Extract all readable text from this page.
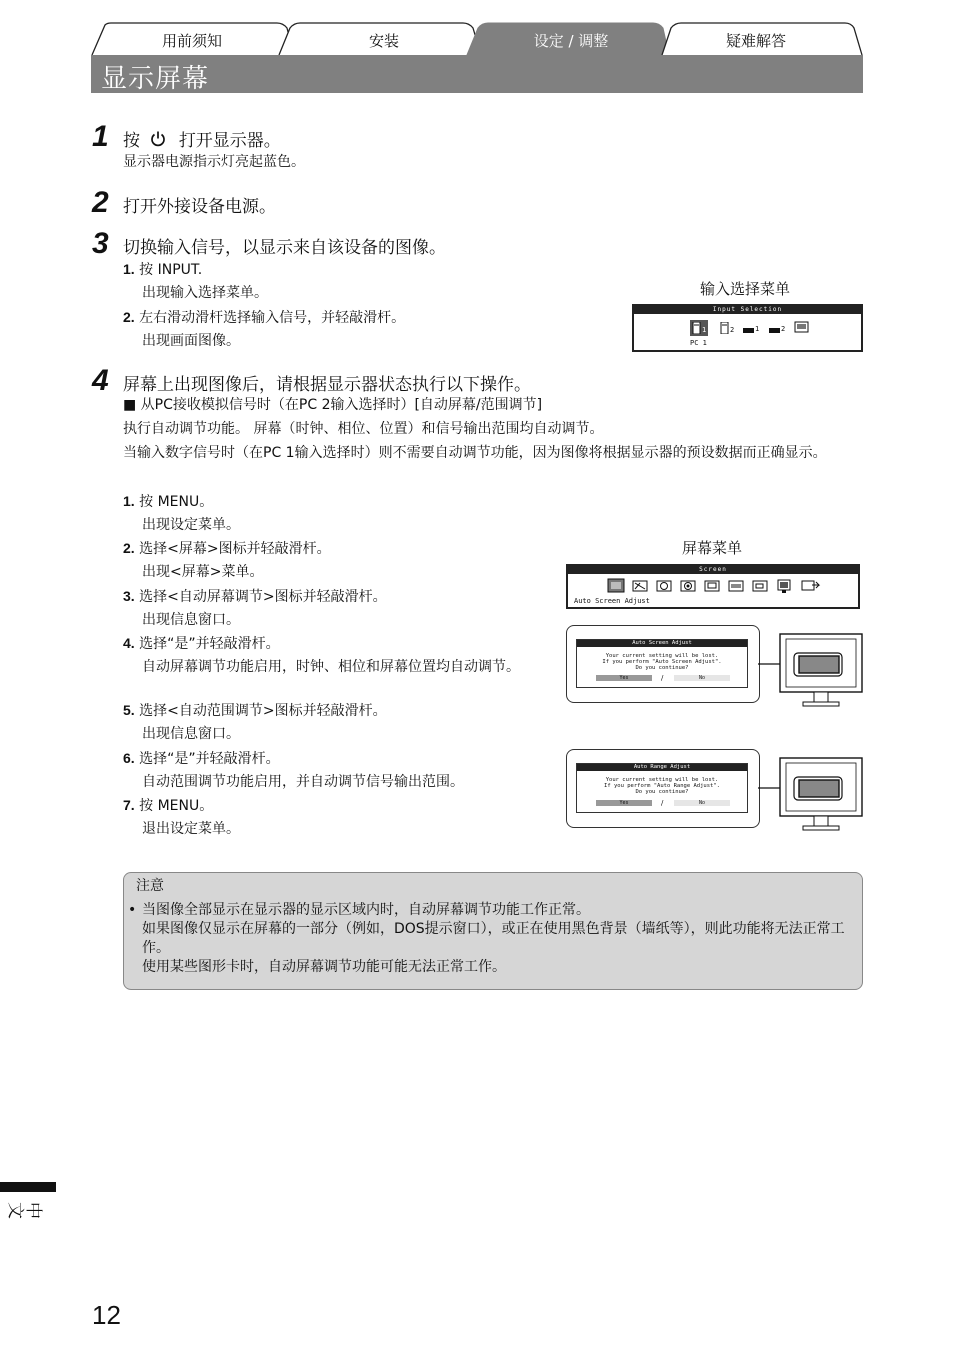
用前须知	安装	设定 / 调整	疑难解答
显示屏幕
1 按 打开显示器。
显示器电源指示灯亮起蓝色。
2 打开外接设备电源。
3 切换输入信号，以显示来自该设备的图像。
1. 按 INPUT.
出现输入选择菜单。
2. 左右滑动滑杆选择输入信号，并轻敲滑杆。
出现画面图像。
输入选择菜单
Input Selection
1	2	1	2
PC 1
4 屏幕上出现图像后，请根据显示器状态执行以下操作。
■ 从PC接收模拟信号时（在PC 2输入选择时）[自动屏幕/范围调节]
执行自动调节功能。 屏幕（时钟、相位、位置）和信号输出范围均自动调节。
当输入数字信号时（在PC 1输入选择时）则不需要自动调节功能，因为图像将根据显示器的预设数据而正确显示。
1. 按 MENU。
出现设定菜单。
2. 选择<屏幕>图标并轻敲滑杆。
出现<屏幕>菜单。
3. 选择<自动屏幕调节>图标并轻敲滑杆。
出现信息窗口。
4. 选择“是”并轻敲滑杆。
自动屏幕调节功能启用，时钟、相位和屏幕位置均自动调节。
5. 选择<自动范围调节>图标并轻敲滑杆。
出现信息窗口。
6. 选择“是”并轻敲滑杆。
自动范围调节功能启用，并自动调节信号输出范围。
7. 按 MENU。
退出设定菜单。
屏幕菜单
Screen
Auto Screen Adjust
Auto Screen Adjust
Your current setting will be lost.
If you perform "Auto Screen Adjust".
Do you continue?
Yes	/	No
Auto Range Adjust
Your current setting will be lost.
If you perform "Auto Range Adjust".
Do you continue?
Yes	/	No
注意
• 当图像全部显示在显示器的显示区域内时，自动屏幕调节功能工作正常。
如果图像仅显示在屏幕的一部分（例如，DOS提示窗口），或正在使用黑色背景（墙纸等），则此功能将无法正常工作。
使用某些图形卡时，自动屏幕调节功能可能无法正常工作。
中文
12
